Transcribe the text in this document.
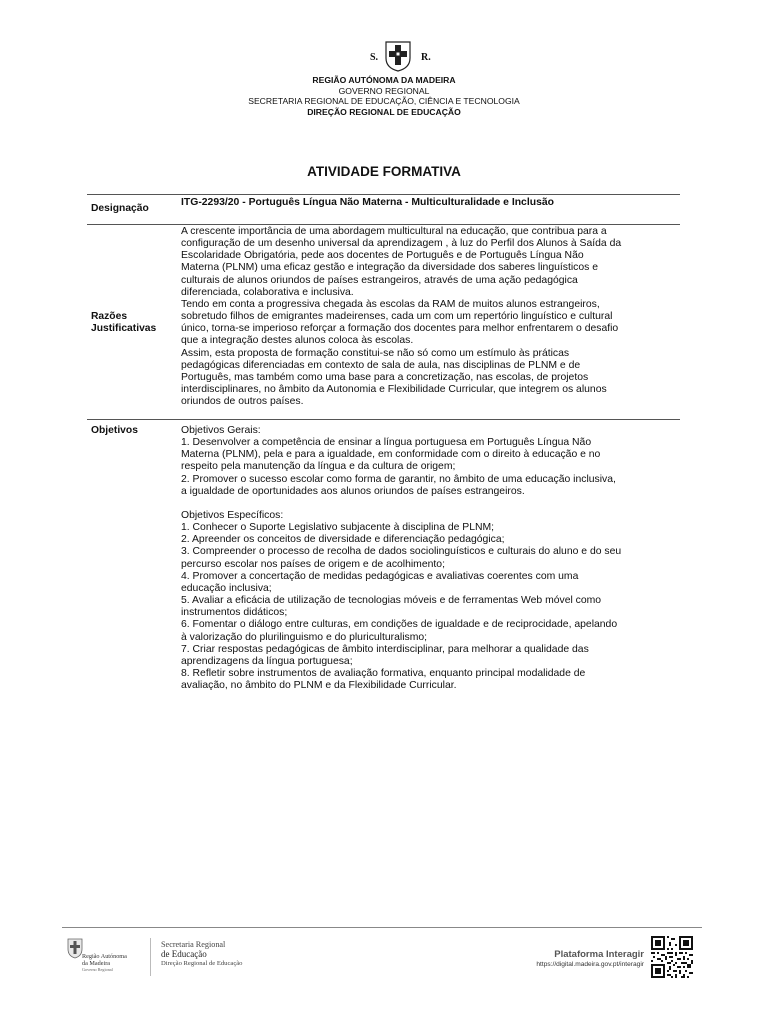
S.	R.
REGIÃO AUTÓNOMA DA MADEIRA
GOVERNO REGIONAL
SECRETARIA REGIONAL DE EDUCAÇÃO, CIÊNCIA E TECNOLOGIA
DIREÇÃO REGIONAL DE EDUCAÇÃO
ATIVIDADE FORMATIVA
Designação
ITG-2293/20 - Português Língua Não Materna - Multiculturalidade e Inclusão
Razões
Justificativas

A crescente importância de uma abordagem multicultural na educação, que contribua para a

configuração de um desenho universal da aprendizagem , à luz do Perfil dos Alunos à Saída da

Escolaridade Obrigatória, pede aos docentes de Português e de Português Língua Não

Materna (PLNM) uma eficaz gestão e integração da diversidade dos saberes linguísticos e

culturais de alunos oriundos de países estrangeiros, através de uma ação pedagógica

diferenciada, colaborativa e inclusiva.

Tendo em conta a progressiva chegada às escolas da RAM de muitos alunos estrangeiros,

sobretudo filhos de emigrantes madeirenses, cada um com um repertório linguístico e cultural

único, torna-se imperioso reforçar a formação dos docentes para melhor enfrentarem o desafio

que a integração destes alunos coloca às escolas.

Assim, esta proposta de formação constitui-se não só como um estímulo às práticas

pedagógicas diferenciadas em contexto de sala de aula, nas disciplinas de PLNM e de

Português, mas também como uma base para a concretização, nas escolas, de projetos

interdisciplinares, no âmbito da Autonomia e Flexibilidade Curricular, que integrem os alunos

oriundos de outros países.

Objetivos	Objetivos Gerais:

1. Desenvolver a competência de ensinar a língua portuguesa em Português Língua Não

Materna (PLNM), pela e para a igualdade, em conformidade com o direito à educação e no

respeito pela manutenção da língua e da cultura de origem;

2. Promover o sucesso escolar como forma de garantir, no âmbito de uma educação inclusiva,

a igualdade de oportunidades aos alunos oriundos de países estrangeiros.

Objetivos Específicos:

1. Conhecer o Suporte Legislativo subjacente à disciplina de PLNM;

2. Apreender os conceitos de diversidade e diferenciação pedagógica;

3. Compreender o processo de recolha de dados sociolinguísticos e culturais do aluno e do seu

percurso escolar nos países de origem e de acolhimento;

4. Promover a concertação de medidas pedagógicas e avaliativas coerentes com uma

educação inclusiva;

5. Avaliar a eficácia de utilização de tecnologias móveis e de ferramentas Web móvel como

instrumentos didáticos;

6. Fomentar o diálogo entre culturas, em condições de igualdade e de reciprocidade, apelando

à valorização do plurilinguismo e do pluriculturalismo;

7. Criar respostas pedagógicas de âmbito interdisciplinar, para melhorar a qualidade das

aprendizagens da língua portuguesa;

8. Refletir sobre instrumentos de avaliação formativa, enquanto principal modalidade de

avaliação, no âmbito do PLNM e da Flexibilidade Curricular.

Região Autónoma
da Madeira
Governo Regional
Secretaria Regional
de Educação
Direção Regional de Educação
Plataforma Interagir
https://digital.madeira.gov.pt/interagir
